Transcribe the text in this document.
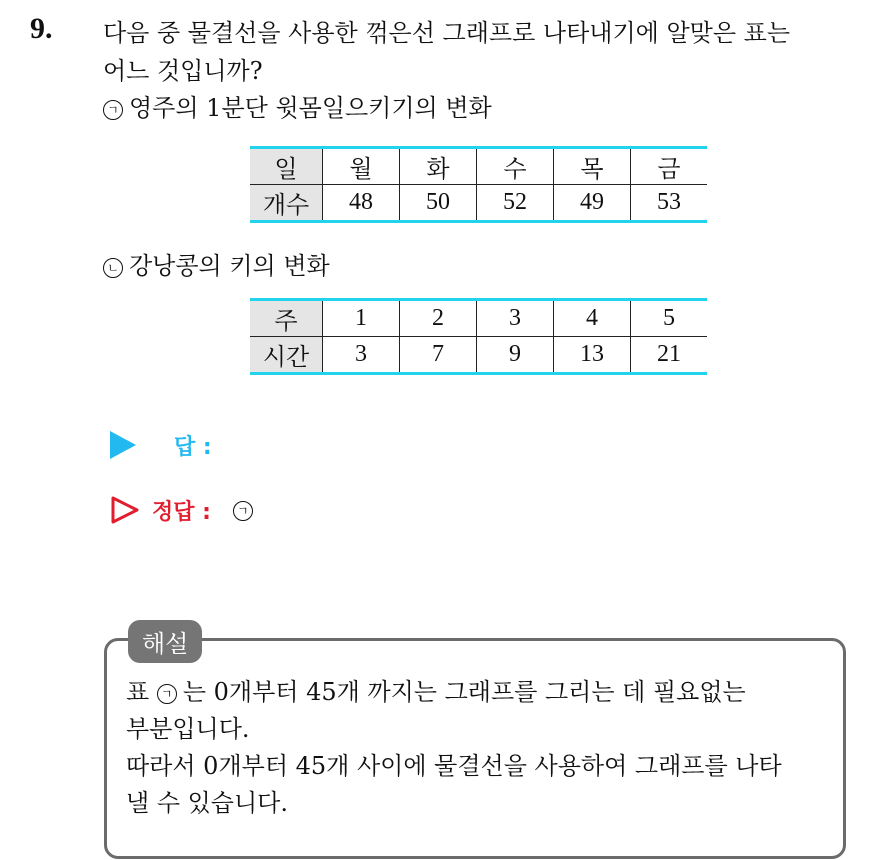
9. 다음 중 물결선을 사용한 꺾은선 그래프로 나타내기에 알맞은 표는
어느 것입니까?
ㄱ 영주의 1분단 윗몸일으키기의 변화
일	월	화	수	목	금
개수	48	50	52	49	53
ㄴ 강낭콩의 키의 변화
주	1	2	3	4	5
시간	3	7	9	13	21
답 :
정답 :	ㄱ
해설

표 ㄱ 는 0개부터 45개 까지는 그래프를 그리는 데 필요없는

부분입니다.

따라서 0개부터 45개 사이에 물결선을 사용하여 그래프를 나타

낼 수 있습니다.
